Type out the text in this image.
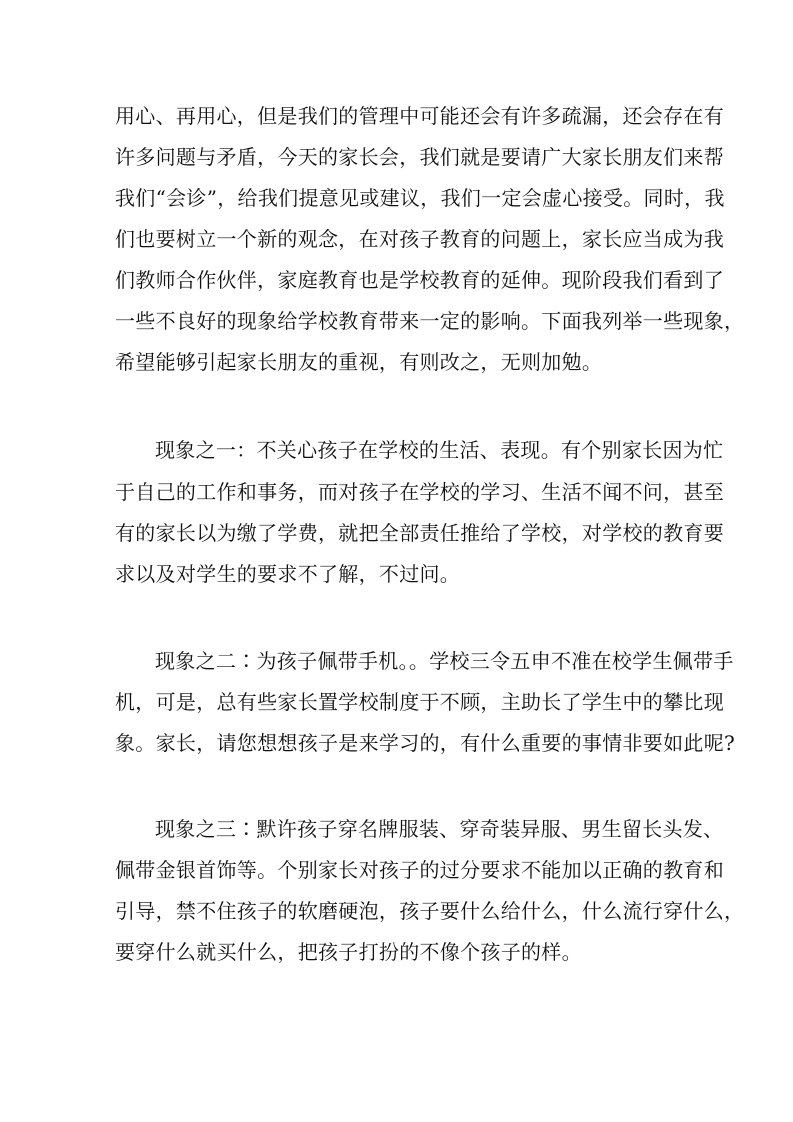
用心、再用心，但是我们的管理中可能还会有许多疏漏，还会存在有
许多问题与矛盾，今天的家长会，我们就是要请广大家长朋友们来帮
我们“会诊”，给我们提意见或建议，我们一定会虚心接受。同时，我
们也要树立一个新的观念，在对孩子教育的问题上，家长应当成为我
们教师合作伙伴，家庭教育也是学校教育的延伸。现阶段我们看到了
一些不良好的现象给学校教育带来一定的影响。下面我列举一些现象，
希望能够引起家长朋友的重视，有则改之，无则加勉。
现象之一：不关心孩子在学校的生活、表现。有个别家长因为忙
于自己的工作和事务，而对孩子在学校的学习、生活不闻不问，甚至
有的家长以为缴了学费，就把全部责任推给了学校，对学校的教育要
求以及对学生的要求不了解，不过问。
现象之二∶为孩子佩带手机。。学校三令五申不准在校学生佩带手
机，可是，总有些家长置学校制度于不顾，主助长了学生中的攀比现
象。家长，请您想想孩子是来学习的，有什么重要的事情非要如此呢?
现象之三∶默许孩子穿名牌服装、穿奇装异服、男生留长头发、
佩带金银首饰等。个别家长对孩子的过分要求不能加以正确的教育和
引导，禁不住孩子的软磨硬泡，孩子要什么给什么，什么流行穿什么，
要穿什么就买什么，把孩子打扮的不像个孩子的样。
